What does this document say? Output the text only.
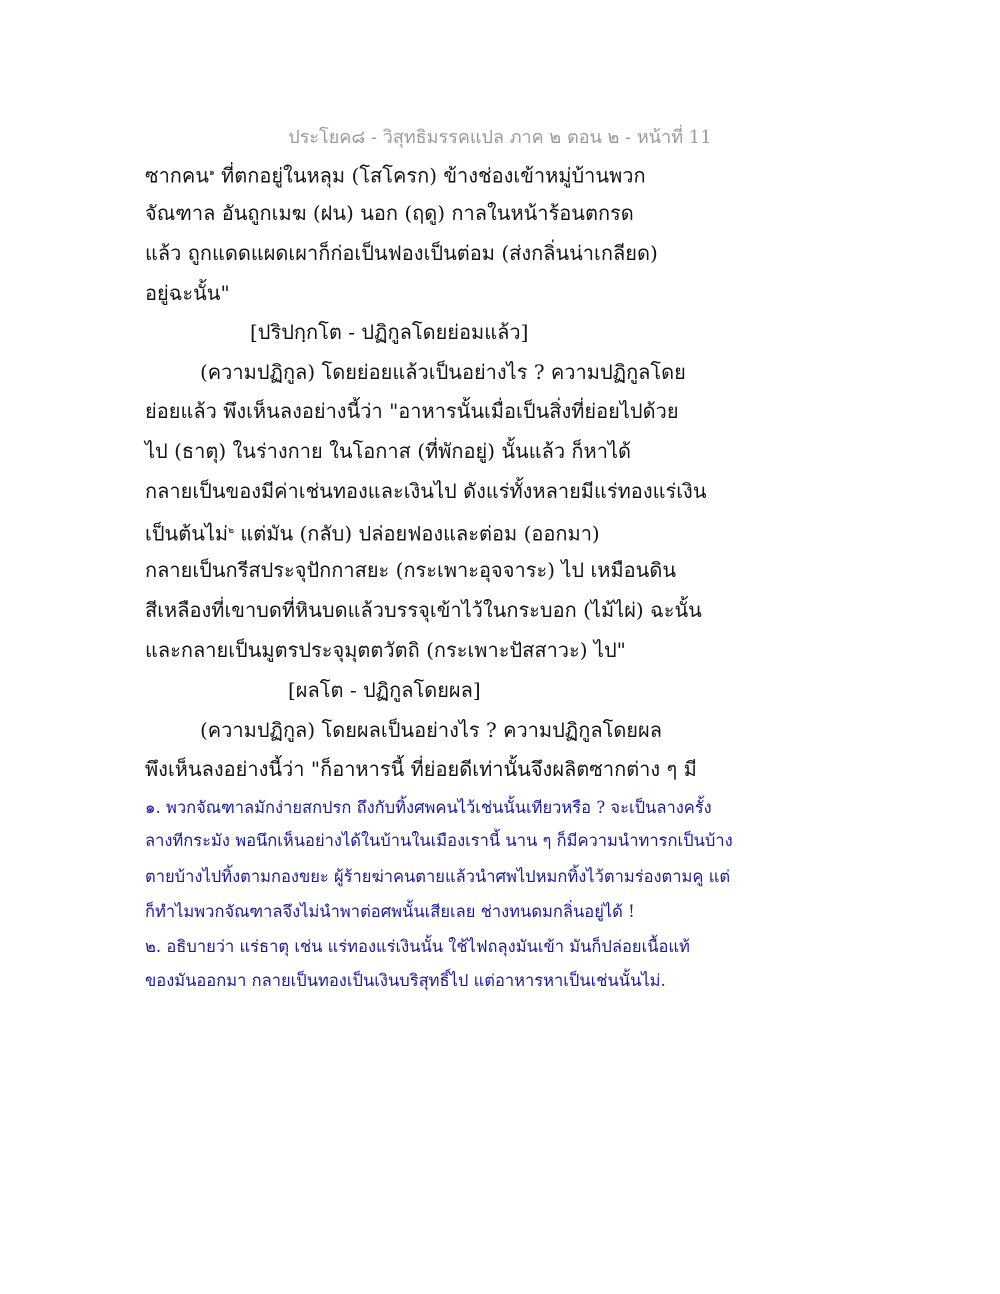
ประโยค๘ - วิสุทธิมรรคแปล ภาค ๒ ตอน ๒ - หน้าที่ 11
ซากคน$^๑$ ที่ตกอยู่ในหลุม (โสโครก) ข้างช่องเข้าหมู่บ้านพวก
จัณฑาล อันถูกเมฆ (ฝน) นอก (ฤดู) กาลในหน้าร้อนตกรด
แล้ว ถูกแดดแผดเผาก็ก่อเป็นฟองเป็นต่อม (ส่งกลิ่นน่าเกลียด)
อยู่ฉะนั้น"
[ปริปกฺกโต - ปฏิกูลโดยย่อมแล้ว]
(ความปฏิกูล) โดยย่อยแล้วเป็นอย่างไร ? ความปฏิกูลโดย
ย่อยแล้ว พึงเห็นลงอย่างนี้ว่า "อาหารนั้นเมื่อเป็นสิ่งที่ย่อยไปด้วย
ไป (ธาตุ) ในร่างกาย ในโอกาส (ที่พักอยู่) นั้นแล้ว ก็หาได้
กลายเป็นของมีค่าเช่นทองและเงินไป ดังแร่ทั้งหลายมีแร่ทองแร่เงิน
เป็นต้นไม่$^๒$ แต่มัน (กลับ) ปล่อยฟองและต่อม (ออกมา)
กลายเป็นกรีสประจุปักกาสยะ (กระเพาะอุจจาระ) ไป เหมือนดิน
สีเหลืองที่เขาบดที่หินบดแล้วบรรจุเข้าไว้ในกระบอก (ไม้ไผ่) ฉะนั้น
และกลายเป็นมูตรประจุมุตตวัตถิ (กระเพาะปัสสาวะ) ไป"
[ผลโต - ปฏิกูลโดยผล]
(ความปฏิกูล) โดยผลเป็นอย่างไร ? ความปฏิกูลโดยผล
พึงเห็นลงอย่างนี้ว่า "ก็อาหารนี้ ที่ย่อยดีเท่านั้นจึงผลิตซากต่าง ๆ มี
๑. พวกจัณฑาลมักง่ายสกปรก ถึงกับทิ้งศพคนไว้เช่นนั้นเทียวหรือ ? จะเป็นลางครั้ง
ลางทีกระมัง พอนึกเห็นอย่างได้ในบ้านในเมืองเรานี้ นาน ๆ ก็มีความนำทารกเป็นบ้าง
ตายบ้างไปทิ้งตามกองขยะ ผู้ร้ายฆ่าคนตายแล้วนำศพไปหมกทิ้งไว้ตามร่องตามคู แต่
ก็ทำไมพวกจัณฑาลจึงไม่นำพาต่อศพนั้นเสียเลย ช่างทนดมกลิ่นอยู่ได้ !
๒. อธิบายว่า แร่ธาตุ เช่น แร่ทองแร่เงินนั้น ใช้ไฟถลุงมันเข้า มันก็ปล่อยเนื้อแท้
ของมันออกมา กลายเป็นทองเป็นเงินบริสุทธิ์ไป แต่อาหารหาเป็นเช่นนั้นไม่.
